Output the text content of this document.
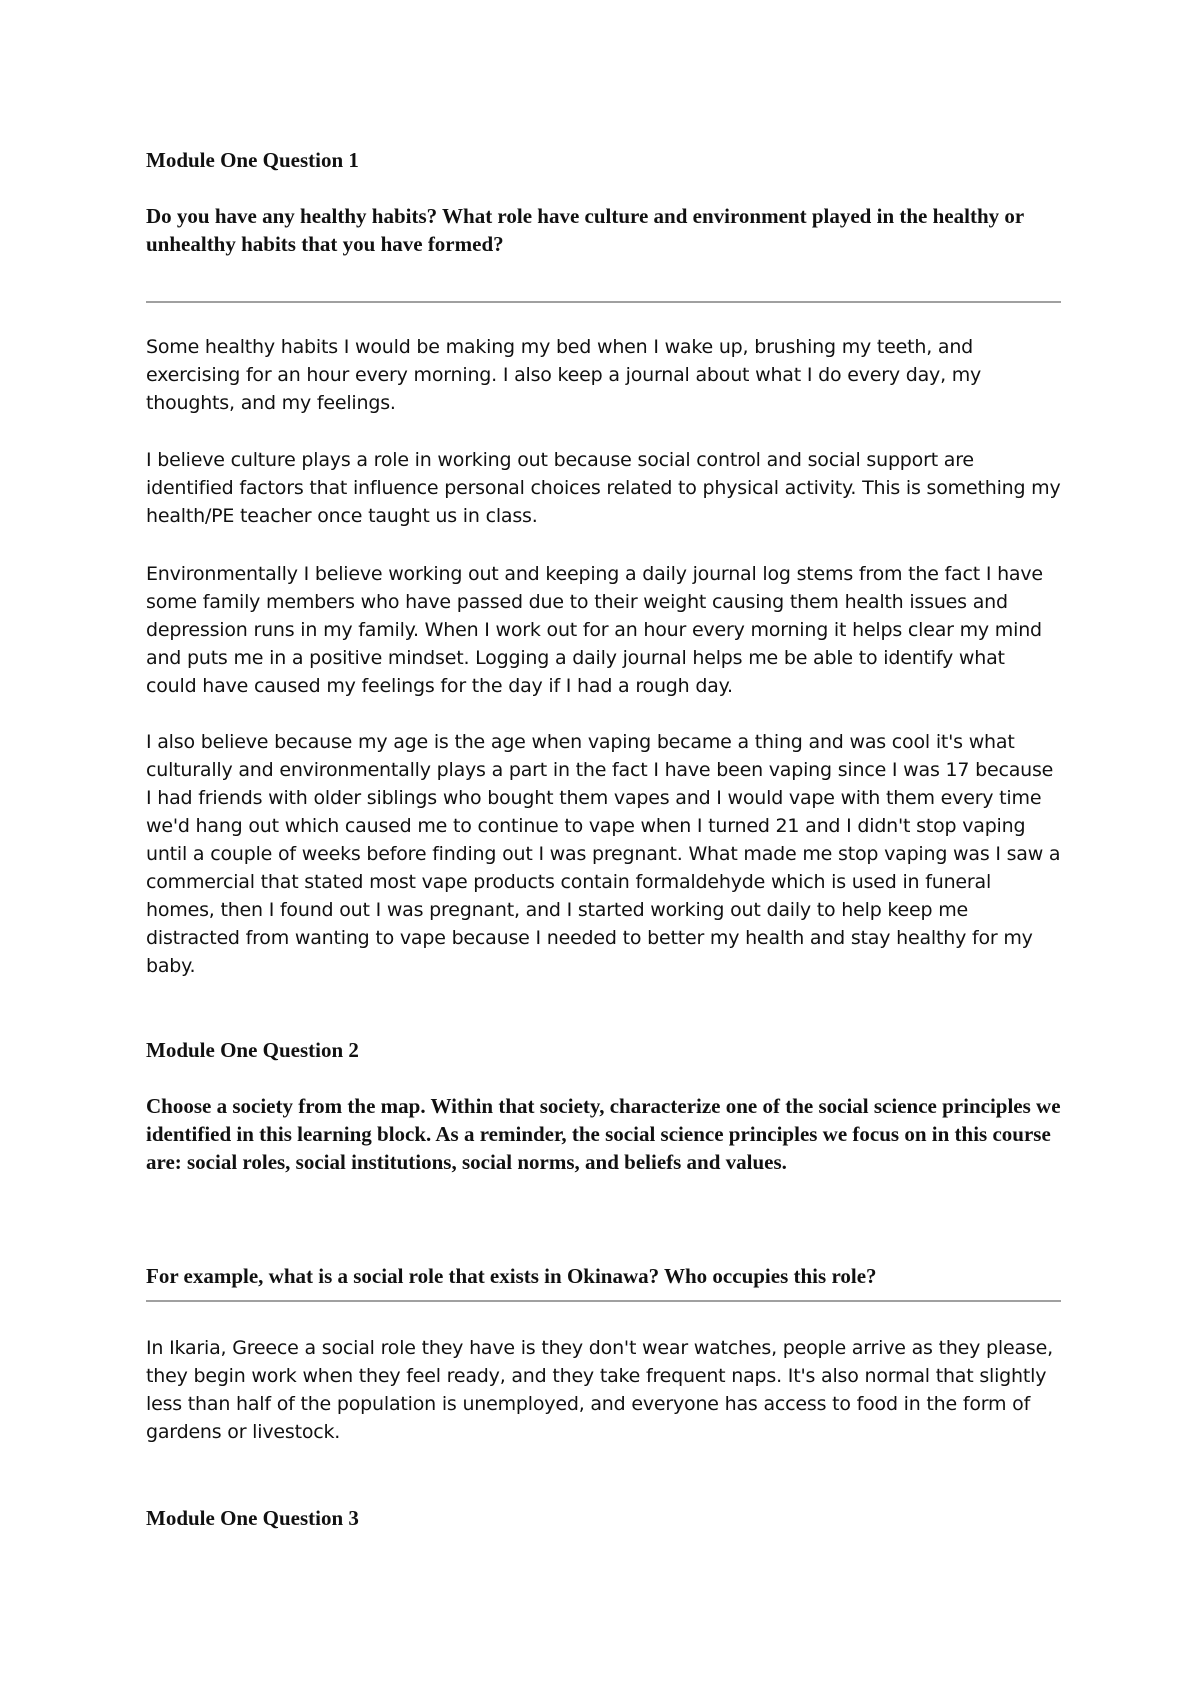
Module One Question 1

Do you have any healthy habits? What role have culture and environment played in the healthy or unhealthy habits that you have formed?

Some healthy habits I would be making my bed when I wake up, brushing my teeth, and exercising for an hour every morning. I also keep a journal about what I do every day, my thoughts, and my feelings.

I believe culture plays a role in working out because social control and social support are identified factors that influence personal choices related to physical activity. This is something my health/PE teacher once taught us in class.

Environmentally I believe working out and keeping a daily journal log stems from the fact I have some family members who have passed due to their weight causing them health issues and depression runs in my family. When I work out for an hour every morning it helps clear my mind and puts me in a positive mindset. Logging a daily journal helps me be able to identify what could have caused my feelings for the day if I had a rough day.

I also believe because my age is the age when vaping became a thing and was cool it's what culturally and environmentally plays a part in the fact I have been vaping since I was 17 because I had friends with older siblings who bought them vapes and I would vape with them every time we'd hang out which caused me to continue to vape when I turned 21 and I didn't stop vaping until a couple of weeks before finding out I was pregnant. What made me stop vaping was I saw a commercial that stated most vape products contain formaldehyde which is used in funeral homes, then I found out I was pregnant, and I started working out daily to help keep me distracted from wanting to vape because I needed to better my health and stay healthy for my baby.

Module One Question 2

Choose a society from the map. Within that society, characterize one of the social science principles we identified in this learning block. As a reminder, the social science principles we focus on in this course are: social roles, social institutions, social norms, and beliefs and values.

For example, what is a social role that exists in Okinawa? Who occupies this role?

In Ikaria, Greece a social role they have is they don't wear watches, people arrive as they please, they begin work when they feel ready, and they take frequent naps. It's also normal that slightly less than half of the population is unemployed, and everyone has access to food in the form of gardens or livestock.

Module One Question 3
